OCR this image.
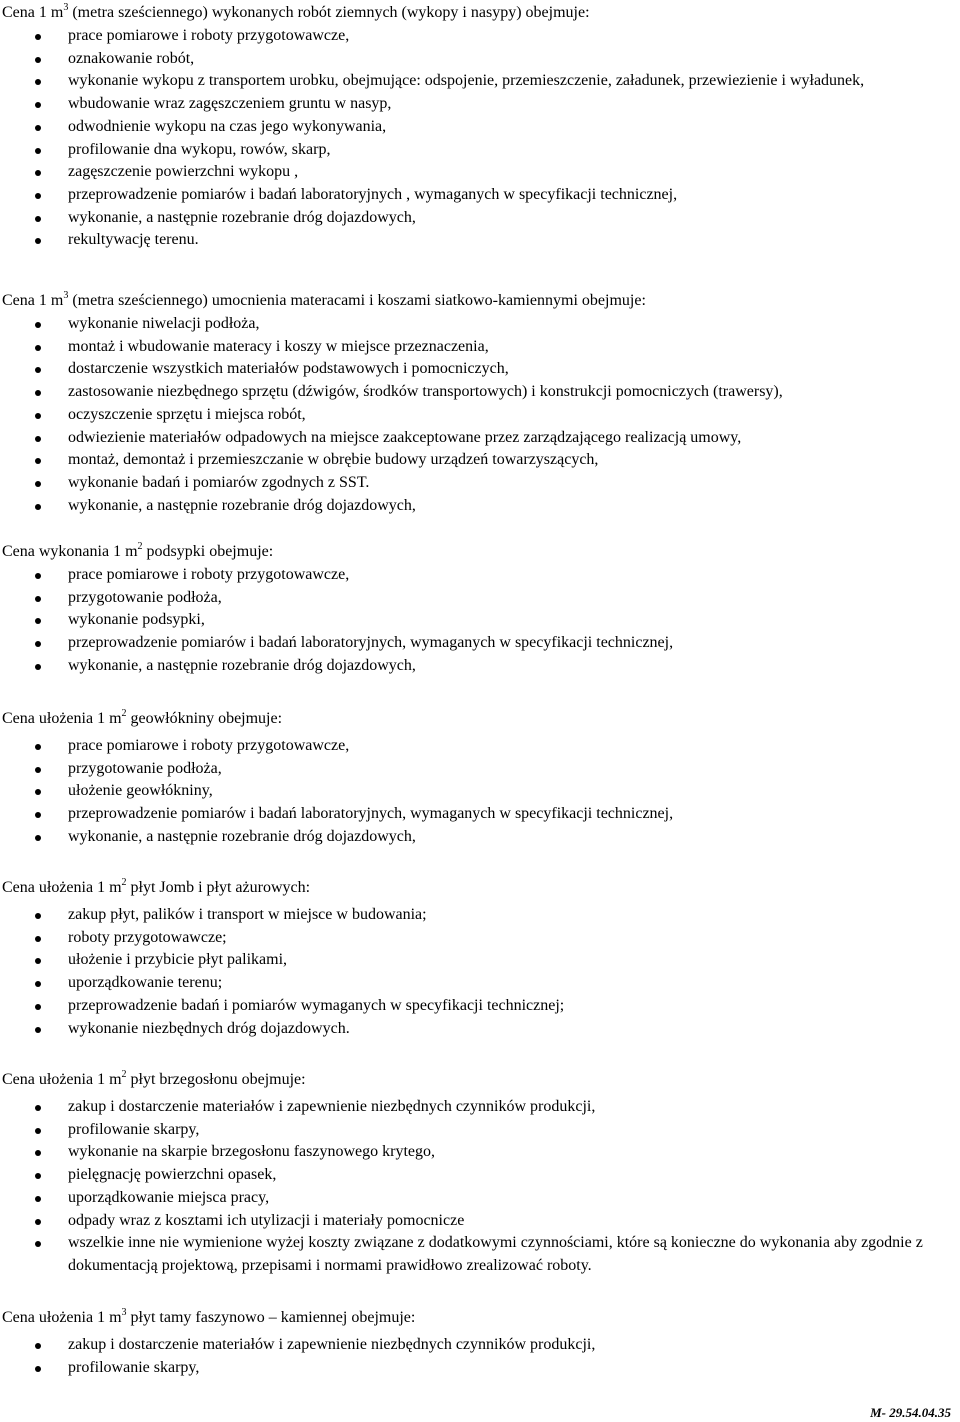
Cena 1 $m^3$ (metra sześciennego) wykonanych robót ziemnych (wykopy i nasypy) obejmuje:
prace pomiarowe i roboty przygotowawcze,
oznakowanie robót,
wykonanie wykopu z transportem urobku, obejmujące: odspojenie, przemieszczenie, załadunek, przewiezienie i wyładunek,
wbudowanie wraz zagęszczeniem gruntu w nasyp,
odwodnienie wykopu na czas jego wykonywania,
profilowanie dna wykopu, rowów, skarp,
zagęszczenie powierzchni wykopu ,
przeprowadzenie pomiarów i badań laboratoryjnych , wymaganych w specyfikacji technicznej,
wykonanie, a następnie rozebranie dróg dojazdowych,
rekultywację terenu.
Cena 1 $m^3$ (metra sześciennego) umocnienia materacami i koszami siatkowo-kamiennymi obejmuje:
wykonanie niwelacji podłoża,
montaż i wbudowanie materacy i koszy w miejsce przeznaczenia,
dostarczenie wszystkich materiałów podstawowych i pomocniczych,
zastosowanie niezbędnego sprzętu (dźwigów, środków transportowych) i konstrukcji pomocniczych (trawersy),
oczyszczenie sprzętu i miejsca robót,
odwiezienie materiałów odpadowych na miejsce zaakceptowane przez zarządzającego realizacją umowy,
montaż, demontaż i przemieszczanie w obrębie budowy urządzeń towarzyszących,
wykonanie badań i pomiarów zgodnych z SST.
wykonanie, a następnie rozebranie dróg dojazdowych,
Cena wykonania 1 $m^2$ podsypki obejmuje:
prace pomiarowe i roboty przygotowawcze,
przygotowanie podłoża,
wykonanie podsypki,
przeprowadzenie pomiarów i badań laboratoryjnych, wymaganych w specyfikacji technicznej,
wykonanie, a następnie rozebranie dróg dojazdowych,
Cena ułożenia 1 $m^2$ geowłókniny obejmuje:
prace pomiarowe i roboty przygotowawcze,
przygotowanie podłoża,
ułożenie geowłókniny,
przeprowadzenie pomiarów i badań laboratoryjnych, wymaganych w specyfikacji technicznej,
wykonanie, a następnie rozebranie dróg dojazdowych,
Cena ułożenia 1 $m^2$ płyt Jomb i płyt ażurowych:
zakup płyt, palików i transport w miejsce w budowania;
roboty przygotowawcze;
ułożenie i przybicie płyt palikami,
uporządkowanie terenu;
przeprowadzenie badań i pomiarów wymaganych w specyfikacji technicznej;
wykonanie niezbędnych dróg dojazdowych.
Cena ułożenia 1 $m^2$ płyt brzegosłonu obejmuje:
zakup i dostarczenie materiałów i zapewnienie niezbędnych czynników produkcji,
profilowanie skarpy,
wykonanie na skarpie brzegosłonu faszynowego krytego,
pielęgnację powierzchni opasek,
uporządkowanie miejsca pracy,
odpady wraz z kosztami ich utylizacji i materiały pomocnicze
wszelkie inne nie wymienione wyżej koszty związane z dodatkowymi czynnościami, które są konieczne do wykonania aby zgodnie z dokumentacją projektową, przepisami i normami prawidłowo zrealizować roboty.
Cena ułożenia 1 $m^3$ płyt tamy faszynowo – kamiennej obejmuje:
zakup i dostarczenie materiałów i zapewnienie niezbędnych czynników produkcji,
profilowanie skarpy,
M- 29.54.04.35
